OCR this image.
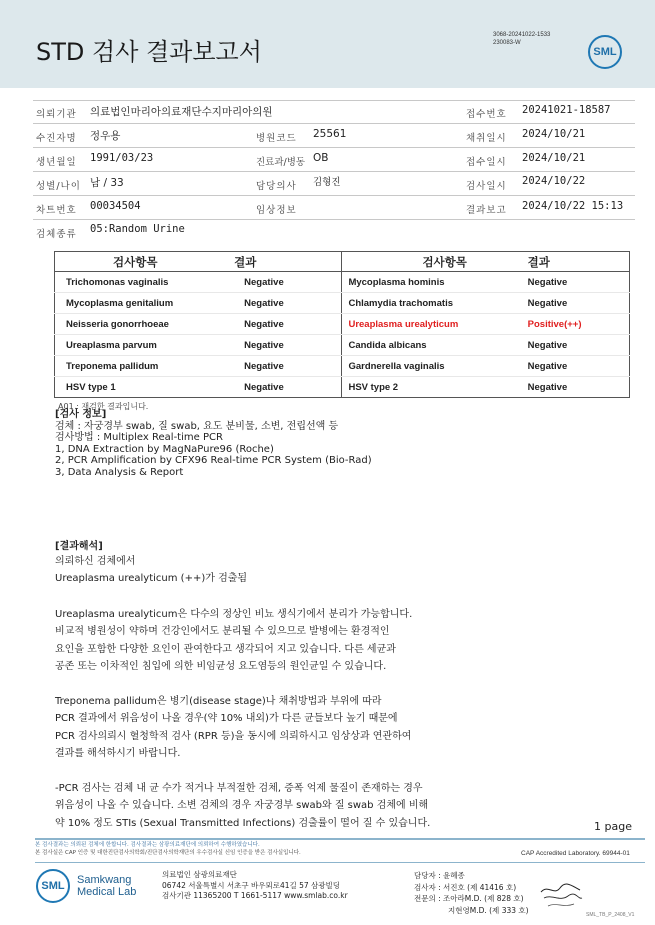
STD 검사 결과보고서
3068-20241022-1533
230083-W
SML
의뢰기관 의료법인마리아의료재단수지마리아의원	접수번호 20241021-18587
수진자명 정우용	병원코드 25561	채취일시 2024/10/21
생년월일 1991/03/23	진료과/병동 OB	접수일시 2024/10/21
성별/나이 남 / 33	담당의사 김형진	검사일시 2024/10/22
차트번호 00034504	임상정보	결과보고 2024/10/22 15:13
검체종류 05:Random Urine
검사항목	결과	검사항목	결과
Trichomonas vaginalis	Negative	Mycoplasma hominis	Negative
Mycoplasma genitalium	Negative	Chlamydia trachomatis	Negative
Neisseria gonorrhoeae	Negative	Ureaplasma urealyticum	Positive(++)
Ureaplasma parvum	Negative	Candida albicans	Negative
Treponema pallidum	Negative	Gardnerella vaginalis	Negative
HSV type 1	Negative	HSV type 2	Negative
A01 : 재검한 결과입니다.
[검사 정보]
검체 : 자궁경부 swab, 질 swab, 요도 분비물, 소변, 전립선액 등
검사방법 : Multiplex Real-time PCR
1, DNA Extraction by MagNaPure96 (Roche)
2, PCR Amplification by CFX96 Real-time PCR System (Bio-Rad)
3, Data Analysis & Report
[결과해석]
의뢰하신 검체에서
Ureaplasma urealyticum (++)가 검출됨
Ureaplasma urealyticum은 다수의 정상인 비뇨 생식기에서 분리가 가능합니다.
비교적 병원성이 약하며 건강인에서도 분리될 수 있으므로 발병에는 환경적인
요인을 포함한 다양한 요인이 관여한다고 생각되어 지고 있습니다. 다른 세균과
공존 또는 이차적인 침입에 의한 비임균성 요도염등의 원인균일 수 있습니다.
Treponema pallidum은 병기(disease stage)나 채취방법과 부위에 따라
PCR 결과에서 위음성이 나올 경우(약 10% 내외)가 다른 균들보다 높기 때문에
PCR 검사의뢰시 혈청학적 검사 (RPR 등)을 동시에 의뢰하시고 임상상과 연관하여
결과를 해석하시기 바랍니다.
-PCR 검사는 검체 내 균 수가 적거나 부적절한 검체, 증폭 억제 물질이 존재하는 경우
위음성이 나올 수 있습니다. 소변 검체의 경우 자궁경부 swab와 질 swab 검체에 비해
약 10% 정도 STIs (Sexual Transmitted Infections) 검출률이 떨어 질 수 있습니다.	1 page
본 검사결과는 의뢰된 검체에 한합니다. 검사결과는 삼광의료재단에 의뢰하여 수행하였습니다.
본 검사실은 CAP 인증 및 대한진단검사의학회/진단검사의학재단의 우수검사실 신임 인증을 받은 검사실입니다.	CAP Accredited Laboratory. 69944-01
SML	Samkwang
Medical Lab
의료법인 삼광의료재단
06742 서울특별시 서초구 바우뫼로41길 57 삼광빌딩
검사기관 11365200 T 1661-5117 www.smlab.co.kr
담당자 : 윤혜종
검사자 : 서진호 (제 41416 호)
전문의 : 조아라M.D. (제 828 호)
지현영M.D. (제 333 호)
SML_TB_P_2408_V1
